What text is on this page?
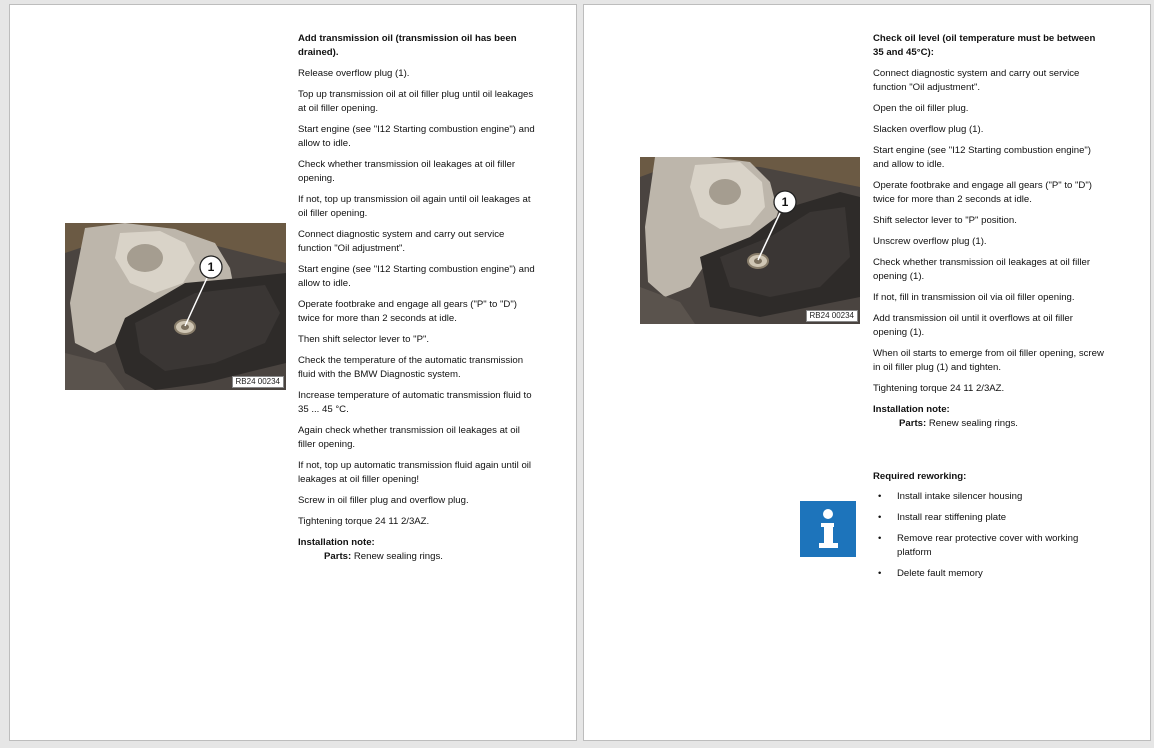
1
RB24 00234

Add transmission oil (transmission oil has been drained).

Release overflow plug (1).

Top up transmission oil at oil filler plug until oil leakages at oil filler opening.

Start engine (see "I12 Starting combustion engine") and allow to idle.

Check whether transmission oil leakages at oil filler opening.

If not, top up transmission oil again until oil leakages at oil filler opening.

Connect diagnostic system and carry out service function "Oil adjustment".

Start engine (see "I12 Starting combustion engine") and allow to idle.

Operate footbrake and engage all gears ("P" to "D") twice for more than 2 seconds at idle.

Then shift selector lever to "P".

Check the temperature of the automatic transmission fluid with the BMW Diagnostic system.

Increase temperature of automatic transmission fluid to 35 ... 45 °C.

Again check whether transmission oil leakages at oil filler opening.

If not, top up automatic transmission fluid again until oil leakages at oil filler opening!

Screw in oil filler plug and overflow plug.

Tightening torque 24 11 2/3AZ.

Installation note:

Parts: Renew sealing rings.

1
RB24 00234

Check oil level (oil temperature must be between 35 and 45°C):

Connect diagnostic system and carry out service function "Oil adjustment".

Open the oil filler plug.

Slacken overflow plug (1).

Start engine (see "I12 Starting combustion engine") and allow to idle.

Operate footbrake and engage all gears ("P" to "D") twice for more than 2 seconds at idle.

Shift selector lever to "P" position.

Unscrew overflow plug (1).

Check whether transmission oil leakages at oil filler opening (1).

If not, fill in transmission oil via oil filler opening.

Add transmission oil until it overflows at oil filler opening (1).

When oil starts to emerge from oil filler opening, screw in oil filler plug (1) and tighten.

Tightening torque 24 11 2/3AZ.

Installation note:

Parts: Renew sealing rings.

Required reworking:
• Install intake silencer housing
• Install rear stiffening plate
• Remove rear protective cover with working platform
• Delete fault memory
